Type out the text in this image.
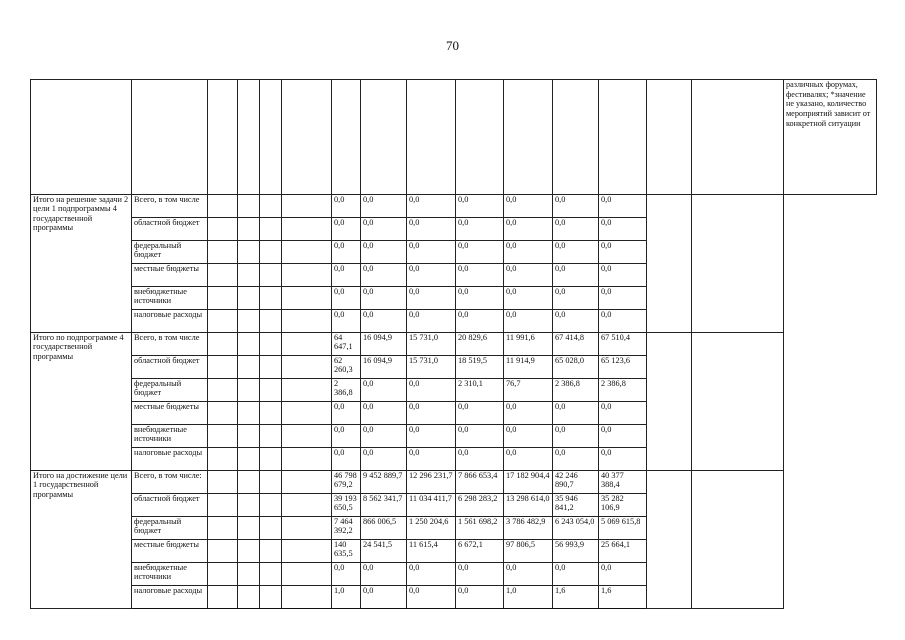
70
															различных форумах, фестивалях; *значение не указано, количество мероприятий зависит от конкретной ситуации
Итого на решение задачи 2 цели 1 подпрограммы 4 государственной программы	Всего, в том числе					0,0	0,0	0,0	0,0	0,0	0,0	0,0			
	областной бюджет					0,0	0,0	0,0	0,0	0,0	0,0	0,0			
	федеральный бюджет					0,0	0,0	0,0	0,0	0,0	0,0	0,0			
	местные бюджеты					0,0	0,0	0,0	0,0	0,0	0,0	0,0			
	внебюджетные источники					0,0	0,0	0,0	0,0	0,0	0,0	0,0			
	налоговые расходы					0,0	0,0	0,0	0,0	0,0	0,0	0,0			
Итого по подпрограмме 4 государственной программы	Всего, в том числе					64 647,1	16 094,9	15 731,0	20 829,6	11 991,6	67 414,8	67 510,4			
	областной бюджет					62 260,3	16 094,9	15 731,0	18 519,5	11 914,9	65 028,0	65 123,6			
	федеральный бюджет					2 386,8	0,0	0,0	2 310,1	76,7	2 386,8	2 386,8			
	местные бюджеты					0,0	0,0	0,0	0,0	0,0	0,0	0,0			
	внебюджетные источники					0,0	0,0	0,0	0,0	0,0	0,0	0,0			
	налоговые расходы					0,0	0,0	0,0	0,0	0,0	0,0	0,0			
Итого на достижение цели 1 государственной программы	Всего, в том числе:					46 798 679,2	9 452 889,7	12 296 231,7	7 866 653,4	17 182 904,4	42 246 890,7	40 377 388,4			
	областной бюджет					39 193 650,5	8 562 341,7	11 034 411,7	6 298 283,2	13 298 614,0	35 946 841,2	35 282 106,9			
	федеральный бюджет					7 464 392,2	866 006,5	1 250 204,6	1 561 698,2	3 786 482,9	6 243 054,0	5 069 615,8			
	местные бюджеты					140 635,5	24 541,5	11 615,4	6 672,1	97 806,5	56 993,9	25 664,1			
	внебюджетные источники					0,0	0,0	0,0	0,0	0,0	0,0	0,0			
	налоговые расходы					1,0	0,0	0,0	0,0	1,0	1,6	1,6			
